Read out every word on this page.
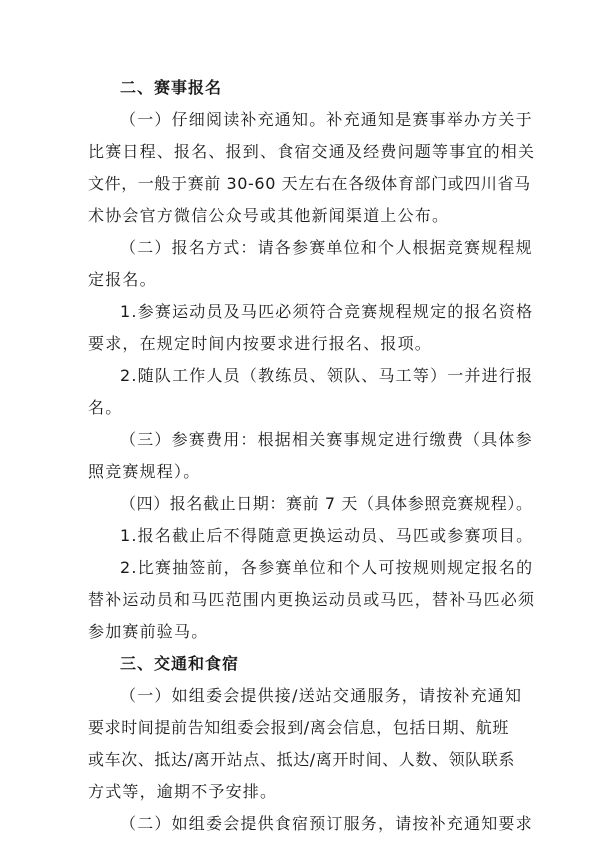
二、赛事报名
（一）仔细阅读补充通知。补充通知是赛事举办方关于
比赛日程、报名、报到、食宿交通及经费问题等事宜的相关
文件，一般于赛前 30-60 天左右在各级体育部门或四川省马
术协会官方微信公众号或其他新闻渠道上公布。
（二）报名方式：请各参赛单位和个人根据竞赛规程规
定报名。
1.参赛运动员及马匹必须符合竞赛规程规定的报名资格
要求，在规定时间内按要求进行报名、报项。
2.随队工作人员（教练员、领队、马工等）一并进行报
名。
（三）参赛费用：根据相关赛事规定进行缴费（具体参
照竞赛规程）。
（四）报名截止日期：赛前 7 天（具体参照竞赛规程）。
1.报名截止后不得随意更换运动员、马匹或参赛项目。
2.比赛抽签前，各参赛单位和个人可按规则规定报名的
替补运动员和马匹范围内更换运动员或马匹，替补马匹必须
参加赛前验马。
三、交通和食宿
（一）如组委会提供接/送站交通服务，请按补充通知
要求时间提前告知组委会报到/离会信息，包括日期、航班
或车次、抵达/离开站点、抵达/离开时间、人数、领队联系
方式等，逾期不予安排。
（二）如组委会提供食宿预订服务，请按补充通知要求
